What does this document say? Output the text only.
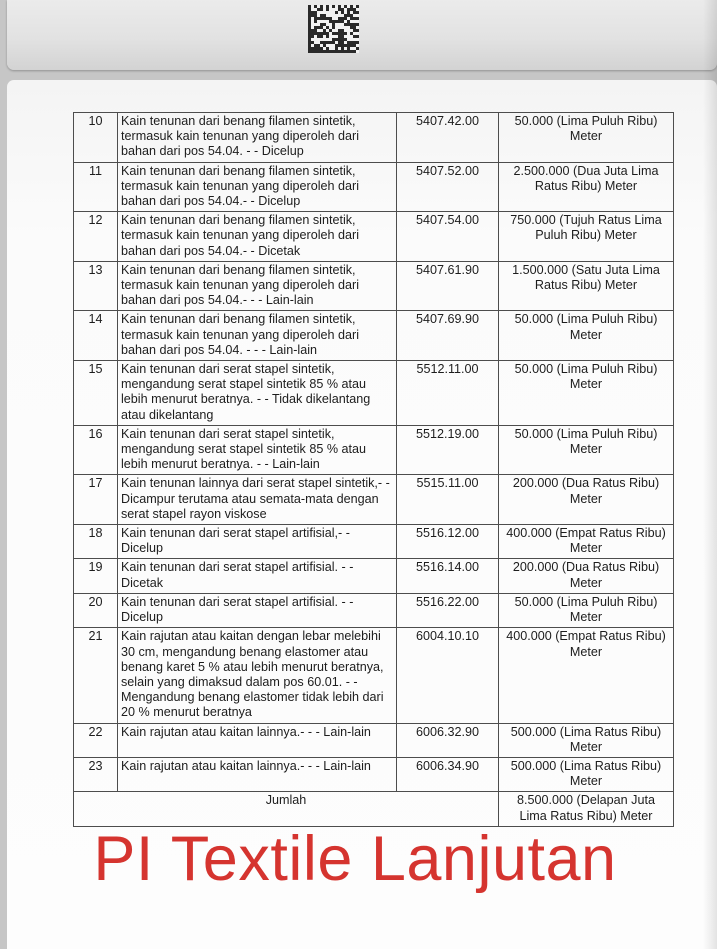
10	Kain tenunan dari benang filamen sintetik, termasuk kain tenunan yang diperoleh dari bahan dari pos 54.04. - - Dicelup	5407.42.00	50.000 (Lima Puluh Ribu) Meter
11	Kain tenunan dari benang filamen sintetik, termasuk kain tenunan yang diperoleh dari bahan dari pos 54.04.- - Dicelup	5407.52.00	2.500.000 (Dua Juta Lima Ratus Ribu) Meter
12	Kain tenunan dari benang filamen sintetik, termasuk kain tenunan yang diperoleh dari bahan dari pos 54.04.- - Dicetak	5407.54.00	750.000 (Tujuh Ratus Lima Puluh Ribu) Meter
13	Kain tenunan dari benang filamen sintetik, termasuk kain tenunan yang diperoleh dari bahan dari pos 54.04.- - - Lain-lain	5407.61.90	1.500.000 (Satu Juta Lima Ratus Ribu) Meter
14	Kain tenunan dari benang filamen sintetik, termasuk kain tenunan yang diperoleh dari bahan dari pos 54.04. - - - Lain-lain	5407.69.90	50.000 (Lima Puluh Ribu) Meter
15	Kain tenunan dari serat stapel sintetik, mengandung serat stapel sintetik 85 % atau lebih menurut beratnya. - - Tidak dikelantang atau dikelantang	5512.11.00	50.000 (Lima Puluh Ribu) Meter
16	Kain tenunan dari serat stapel sintetik, mengandung serat stapel sintetik 85 % atau lebih menurut beratnya. - - Lain-lain	5512.19.00	50.000 (Lima Puluh Ribu) Meter
17	Kain tenunan lainnya dari serat stapel sintetik,- - Dicampur terutama atau semata-mata dengan serat stapel rayon viskose	5515.11.00	200.000 (Dua Ratus Ribu) Meter
18	Kain tenunan dari serat stapel artifisial,- - Dicelup	5516.12.00	400.000 (Empat Ratus Ribu) Meter
19	Kain tenunan dari serat stapel artifisial. - - Dicetak	5516.14.00	200.000 (Dua Ratus Ribu) Meter
20	Kain tenunan dari serat stapel artifisial. - - Dicelup	5516.22.00	50.000 (Lima Puluh Ribu) Meter
21	Kain rajutan atau kaitan dengan lebar melebihi 30 cm, mengandung benang elastomer atau benang karet 5 % atau lebih menurut beratnya, selain yang dimaksud dalam pos 60.01. - - Mengandung benang elastomer tidak lebih dari 20 % menurut beratnya	6004.10.10	400.000 (Empat Ratus Ribu) Meter
22	Kain rajutan atau kaitan lainnya.- - - Lain-lain	6006.32.90	500.000 (Lima Ratus Ribu) Meter
23	Kain rajutan atau kaitan lainnya.- - - Lain-lain	6006.34.90	500.000 (Lima Ratus Ribu) Meter
Jumlah			8.500.000 (Delapan Juta Lima Ratus Ribu) Meter
PI Textile Lanjutan
